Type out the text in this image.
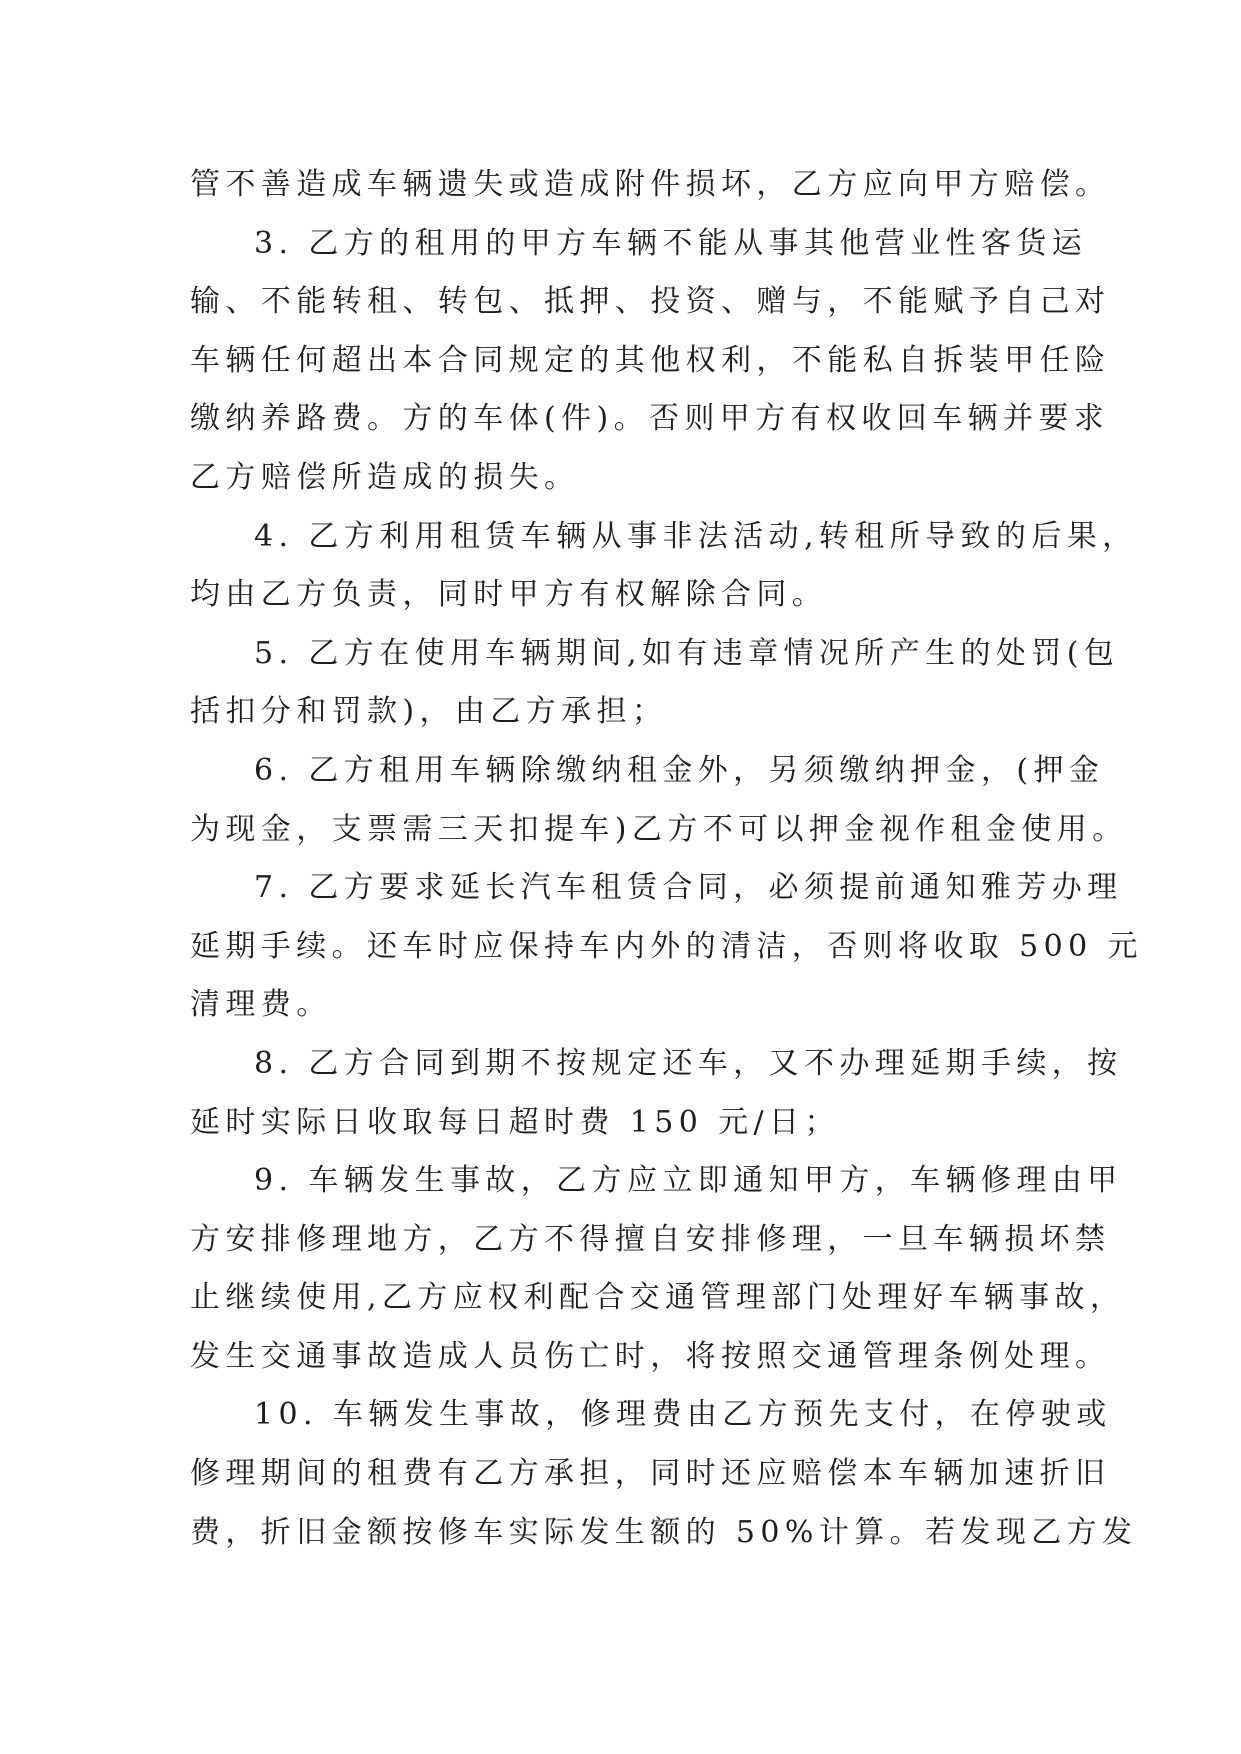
管不善造成车辆遗失或造成附件损坏，乙方应向甲方赔偿。
3. 乙方的租用的甲方车辆不能从事其他营业性客货运
输、不能转租、转包、抵押、投资、赠与，不能赋予自己对
车辆任何超出本合同规定的其他权利，不能私自拆装甲任险
缴纳养路费。方的车体(件)。否则甲方有权收回车辆并要求
乙方赔偿所造成的损失。
4. 乙方利用租赁车辆从事非法活动,转租所导致的后果，
均由乙方负责，同时甲方有权解除合同。
5. 乙方在使用车辆期间,如有违章情况所产生的处罚(包
括扣分和罚款)，由乙方承担；
6. 乙方租用车辆除缴纳租金外，另须缴纳押金，(押金
为现金，支票需三天扣提车)乙方不可以押金视作租金使用。
7. 乙方要求延长汽车租赁合同，必须提前通知雅芳办理
延期手续。还车时应保持车内外的清洁，否则将收取 500 元
清理费。
8. 乙方合同到期不按规定还车，又不办理延期手续，按
延时实际日收取每日超时费 150 元/日；
9. 车辆发生事故，乙方应立即通知甲方，车辆修理由甲
方安排修理地方，乙方不得擅自安排修理，一旦车辆损坏禁
止继续使用,乙方应权利配合交通管理部门处理好车辆事故，
发生交通事故造成人员伤亡时，将按照交通管理条例处理。
10. 车辆发生事故，修理费由乙方预先支付，在停驶或
修理期间的租费有乙方承担，同时还应赔偿本车辆加速折旧
费，折旧金额按修车实际发生额的 50%计算。若发现乙方发
